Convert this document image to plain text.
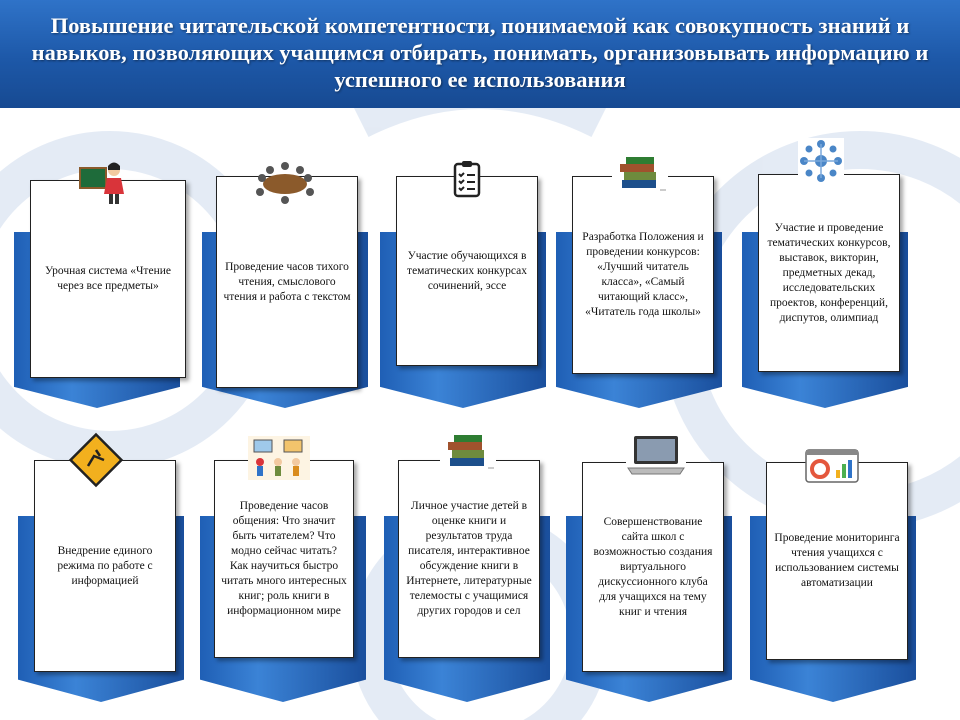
Повышение читательской компетентности, понимаемой как совокупность знаний и навыков, позволяющих учащимся отбирать, понимать, организовывать информацию и успешного ее использования
Урочная система «Чтение через все предметы»
Проведение часов тихого чтения, смыслового чтения и работа с текстом
Участие обучающихся в тематических конкурсах сочинений, эссе
Разработка Положения и проведении конкурсов: «Лучший читатель класса», «Самый читающий класс», «Читатель года школы»
Участие и проведение тематических конкурсов, выставок, викторин, предметных декад, исследовательских проектов, конференций, диспутов, олимпиад
Внедрение единого режима по работе с информацией
Проведение часов общения: Что значит быть читателем? Что модно сейчас читать? Как научиться быстро читать много интересных книг; роль книги в информационном мире
Личное участие детей в оценке книги и результатов труда писателя, интерактивное обсуждение книги в Интернете, литературные телемосты с учащимися других городов и сел
Совершенствование сайта школ с возможностью создания виртуального дискуссионного клуба для учащихся на тему книг и чтения
Проведение мониторинга чтения учащихся с использованием системы автоматизации
